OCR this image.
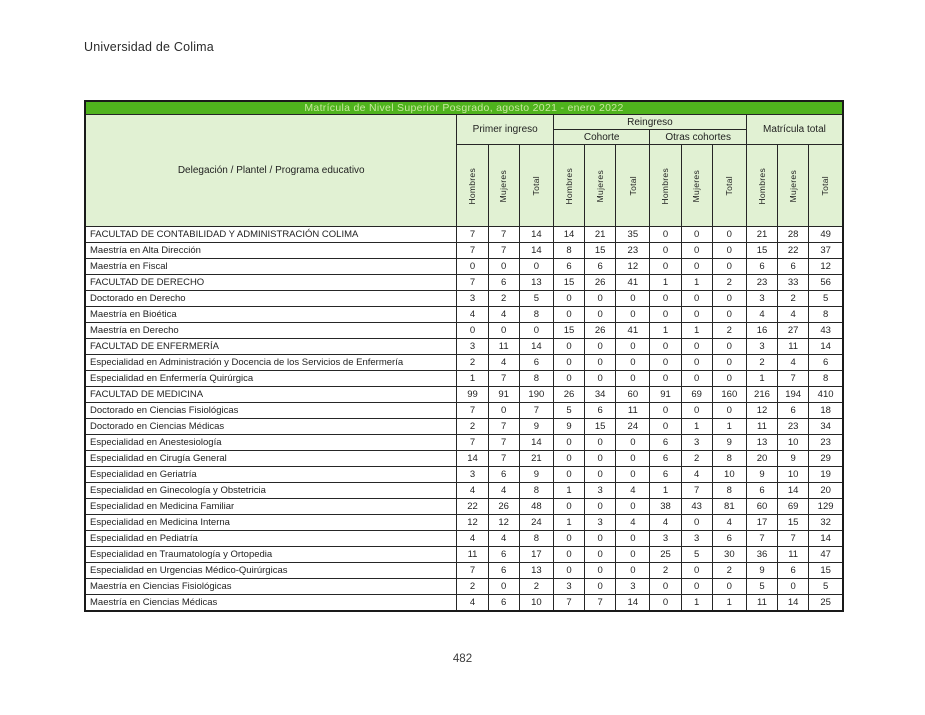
Universidad de Colima
Matrícula de Nivel Superior Posgrado, agosto 2021 - enero 2022												
Delegación / Plantel / Programa educativo	Primer ingreso			Reingreso						Matrícula total		
				Cohorte			Otras cohortes					
	Hombres	Mujeres	Total	Hombres	Mujeres	Total	Hombres	Mujeres	Total	Hombres	Mujeres	Total
FACULTAD DE CONTABILIDAD Y ADMINISTRACIÓN COLIMA	7	7	14	14	21	35	0	0	0	21	28	49
Maestría en Alta Dirección	7	7	14	8	15	23	0	0	0	15	22	37
Maestría en Fiscal	0	0	0	6	6	12	0	0	0	6	6	12
FACULTAD DE DERECHO	7	6	13	15	26	41	1	1	2	23	33	56
Doctorado en Derecho	3	2	5	0	0	0	0	0	0	3	2	5
Maestría en Bioética	4	4	8	0	0	0	0	0	0	4	4	8
Maestría en Derecho	0	0	0	15	26	41	1	1	2	16	27	43
FACULTAD DE ENFERMERÍA	3	11	14	0	0	0	0	0	0	3	11	14
Especialidad en Administración y Docencia de los Servicios de Enfermería	2	4	6	0	0	0	0	0	0	2	4	6
Especialidad en Enfermería Quirúrgica	1	7	8	0	0	0	0	0	0	1	7	8
FACULTAD DE MEDICINA	99	91	190	26	34	60	91	69	160	216	194	410
Doctorado en Ciencias Fisiológicas	7	0	7	5	6	11	0	0	0	12	6	18
Doctorado en Ciencias Médicas	2	7	9	9	15	24	0	1	1	11	23	34
Especialidad en Anestesiología	7	7	14	0	0	0	6	3	9	13	10	23
Especialidad en Cirugía General	14	7	21	0	0	0	6	2	8	20	9	29
Especialidad en Geriatría	3	6	9	0	0	0	6	4	10	9	10	19
Especialidad en Ginecología y Obstetricia	4	4	8	1	3	4	1	7	8	6	14	20
Especialidad en Medicina Familiar	22	26	48	0	0	0	38	43	81	60	69	129
Especialidad en Medicina Interna	12	12	24	1	3	4	4	0	4	17	15	32
Especialidad en Pediatría	4	4	8	0	0	0	3	3	6	7	7	14
Especialidad en Traumatología y Ortopedia	11	6	17	0	0	0	25	5	30	36	11	47
Especialidad en Urgencias Médico-Quirúrgicas	7	6	13	0	0	0	2	0	2	9	6	15
Maestría en Ciencias Fisiológicas	2	0	2	3	0	3	0	0	0	5	0	5
Maestría en Ciencias Médicas	4	6	10	7	7	14	0	1	1	11	14	25
482
